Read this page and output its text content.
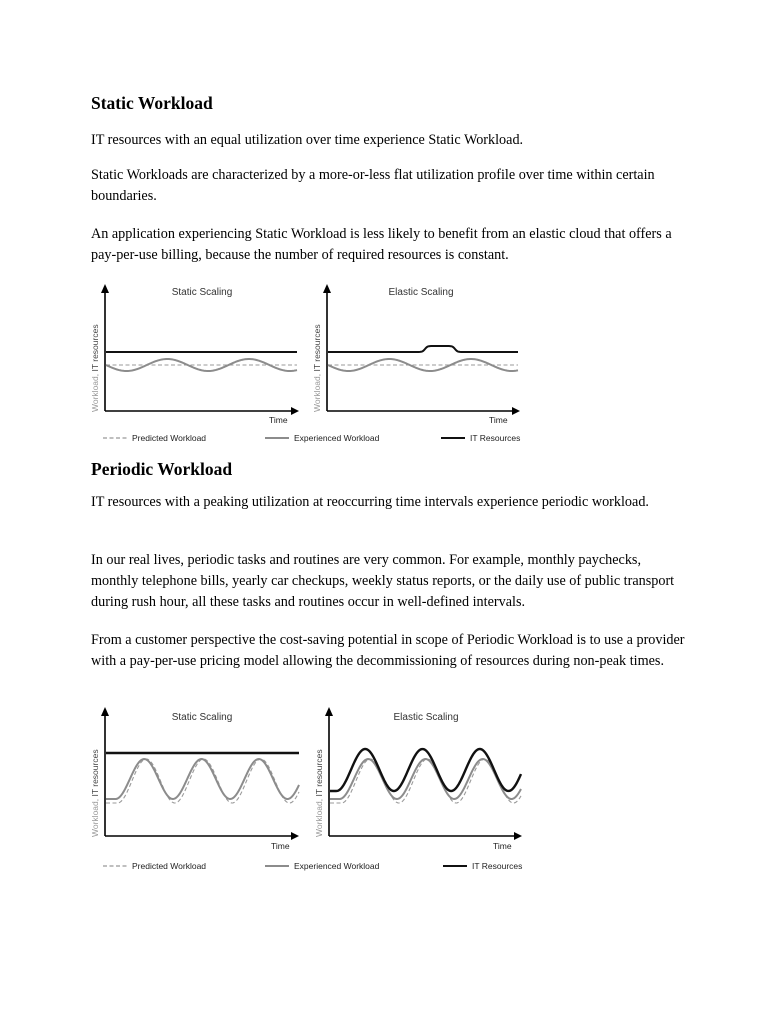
Static Workload

IT resources with an equal utilization over time experience Static Workload.

Static Workloads are characterized by a more-or-less flat utilization profile over time within certain boundaries.

An application experiencing Static Workload is less likely to benefit from an elastic cloud that offers a pay-per-use billing, because the number of required resources is constant.

Static Scaling
Workload, IT resources
Time
Elastic Scaling
Workload, IT resources
Time
Predicted Workload	Experienced Workload	IT Resources
Periodic Workload

IT resources with a peaking utilization at reoccurring time intervals experience periodic workload.

In our real lives, periodic tasks and routines are very common. For example, monthly paychecks, monthly telephone bills, yearly car checkups, weekly status reports, or the daily use of public transport during rush hour, all these tasks and routines occur in well-defined intervals.

From a customer perspective the cost-saving potential in scope of Periodic Workload is to use a provider with a pay-per-use pricing model allowing the decommissioning of resources during non-peak times.

Static Scaling
Workload, IT resources
Time
Elastic Scaling
Workload, IT resources
Time
Predicted Workload	Experienced Workload	IT Resources
